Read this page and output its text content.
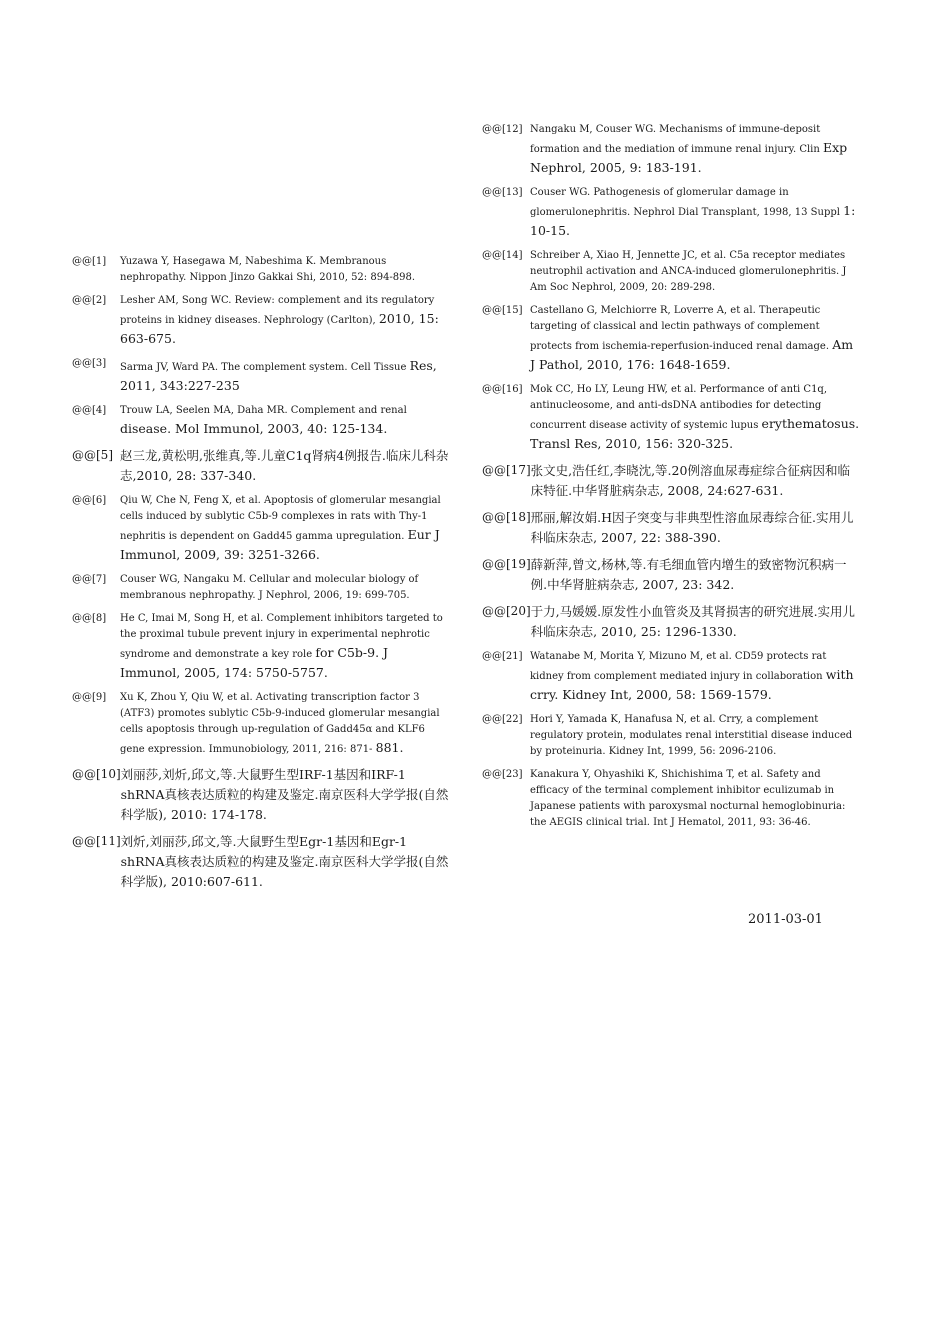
@@[1]	Yuzawa Y, Hasegawa M, Nabeshima K. Membranous nephropathy. Nippon Jinzo Gakkai Shi, 2010, 52: 894-898.
@@[2]	Lesher AM, Song WC. Review: complement and its regulatory proteins in kidney diseases. Nephrology (Carlton), 2010, 15: 663-675.
@@[3]	Sarma JV, Ward PA. The complement system. Cell Tissue Res, 2011, 343:227-235
@@[4]	Trouw LA, Seelen MA, Daha MR. Complement and renal disease. Mol Immunol, 2003, 40: 125-134.
@@[5] 赵三龙,黄松明,张维真,等.儿童C1q肾病4例报告.临床儿科杂志,2010, 28: 337-340.
@@[6]	Qiu W, Che N, Feng X, et al. Apoptosis of glomerular mesangial cells induced by sublytic C5b-9 complexes in rats with Thy-1 nephritis is dependent on Gadd45 gamma upregulation. Eur J Immunol, 2009, 39: 3251-3266.
@@[7]	Couser WG, Nangaku M. Cellular and molecular biology of membranous nephropathy. J Nephrol, 2006, 19: 699-705.
@@[8]	He C, Imai M, Song H, et al. Complement inhibitors targeted to the proximal tubule prevent injury in experimental nephrotic syndrome and demonstrate a key role for C5b-9. J Immunol, 2005, 174: 5750-5757.
@@[9]	Xu K, Zhou Y, Qiu W, et al. Activating transcription factor 3 (ATF3) promotes sublytic C5b-9-induced glomerular mesangial cells apoptosis through up-regulation of Gadd45α and KLF6 gene expression. Immunobiology, 2011, 216: 871- 881.
@@[10] 刘丽莎,刘炘,邱文,等.大鼠野生型IRF-1基因和IRF-1 shRNA真核表达质粒的构建及鉴定.南京医科大学学报(自然科学版), 2010: 174-178.
@@[11] 刘炘,刘丽莎,邱文,等.大鼠野生型Egr-1基因和Egr-1 shRNA真核表达质粒的构建及鉴定.南京医科大学学报(自然科学版), 2010:607-611.
@@[12] Nangaku M, Couser WG. Mechanisms of immune-deposit formation and the mediation of immune renal injury. Clin Exp Nephrol, 2005, 9: 183-191.
@@[13] Couser WG. Pathogenesis of glomerular damage in glomerulonephritis. Nephrol Dial Transplant, 1998, 13 Suppl 1: 10-15.
@@[14] Schreiber A, Xiao H, Jennette JC, et al. C5a receptor mediates neutrophil activation and ANCA-induced glomerulonephritis. J Am Soc Nephrol, 2009, 20: 289-298.
@@[15] Castellano G, Melchiorre R, Loverre A, et al. Therapeutic targeting of classical and lectin pathways of complement protects from ischemia-reperfusion-induced renal damage. Am J Pathol, 2010, 176: 1648-1659.
@@[16] Mok CC, Ho LY, Leung HW, et al. Performance of anti C1q, antinucleosome, and anti-dsDNA antibodies for detecting concurrent disease activity of systemic lupus erythematosus. Transl Res, 2010, 156: 320-325.
@@[17] 张文史,浩任红,李晓沈,等.20例溶血尿毒症综合征病因和临床特征.中华肾脏病杂志, 2008, 24:627-631.
@@[18] 邢丽,解汝娟.H因子突变与非典型性溶血尿毒综合征.实用儿科临床杂志, 2007, 22: 388-390.
@@[19] 薛新萍,曾文,杨林,等.有毛细血管内增生的致密物沉积病一例.中华肾脏病杂志, 2007, 23: 342.
@@[20] 于力,马媛媛.原发性小血管炎及其肾损害的研究进展.实用儿科临床杂志, 2010, 25: 1296-1330.
@@[21] Watanabe M, Morita Y, Mizuno M, et al. CD59 protects rat kidney from complement mediated injury in collaboration with crry. Kidney Int, 2000, 58: 1569-1579.
@@[22] Hori Y, Yamada K, Hanafusa N, et al. Crry, a complement regulatory protein, modulates renal interstitial disease induced by proteinuria. Kidney Int, 1999, 56: 2096-2106.
@@[23] Kanakura Y, Ohyashiki K, Shichishima T, et al. Safety and efficacy of the terminal complement inhibitor eculizumab in Japanese patients with paroxysmal nocturnal hemoglobinuria: the AEGIS clinical trial. Int J Hematol, 2011, 93: 36-46.
2011-03-01
